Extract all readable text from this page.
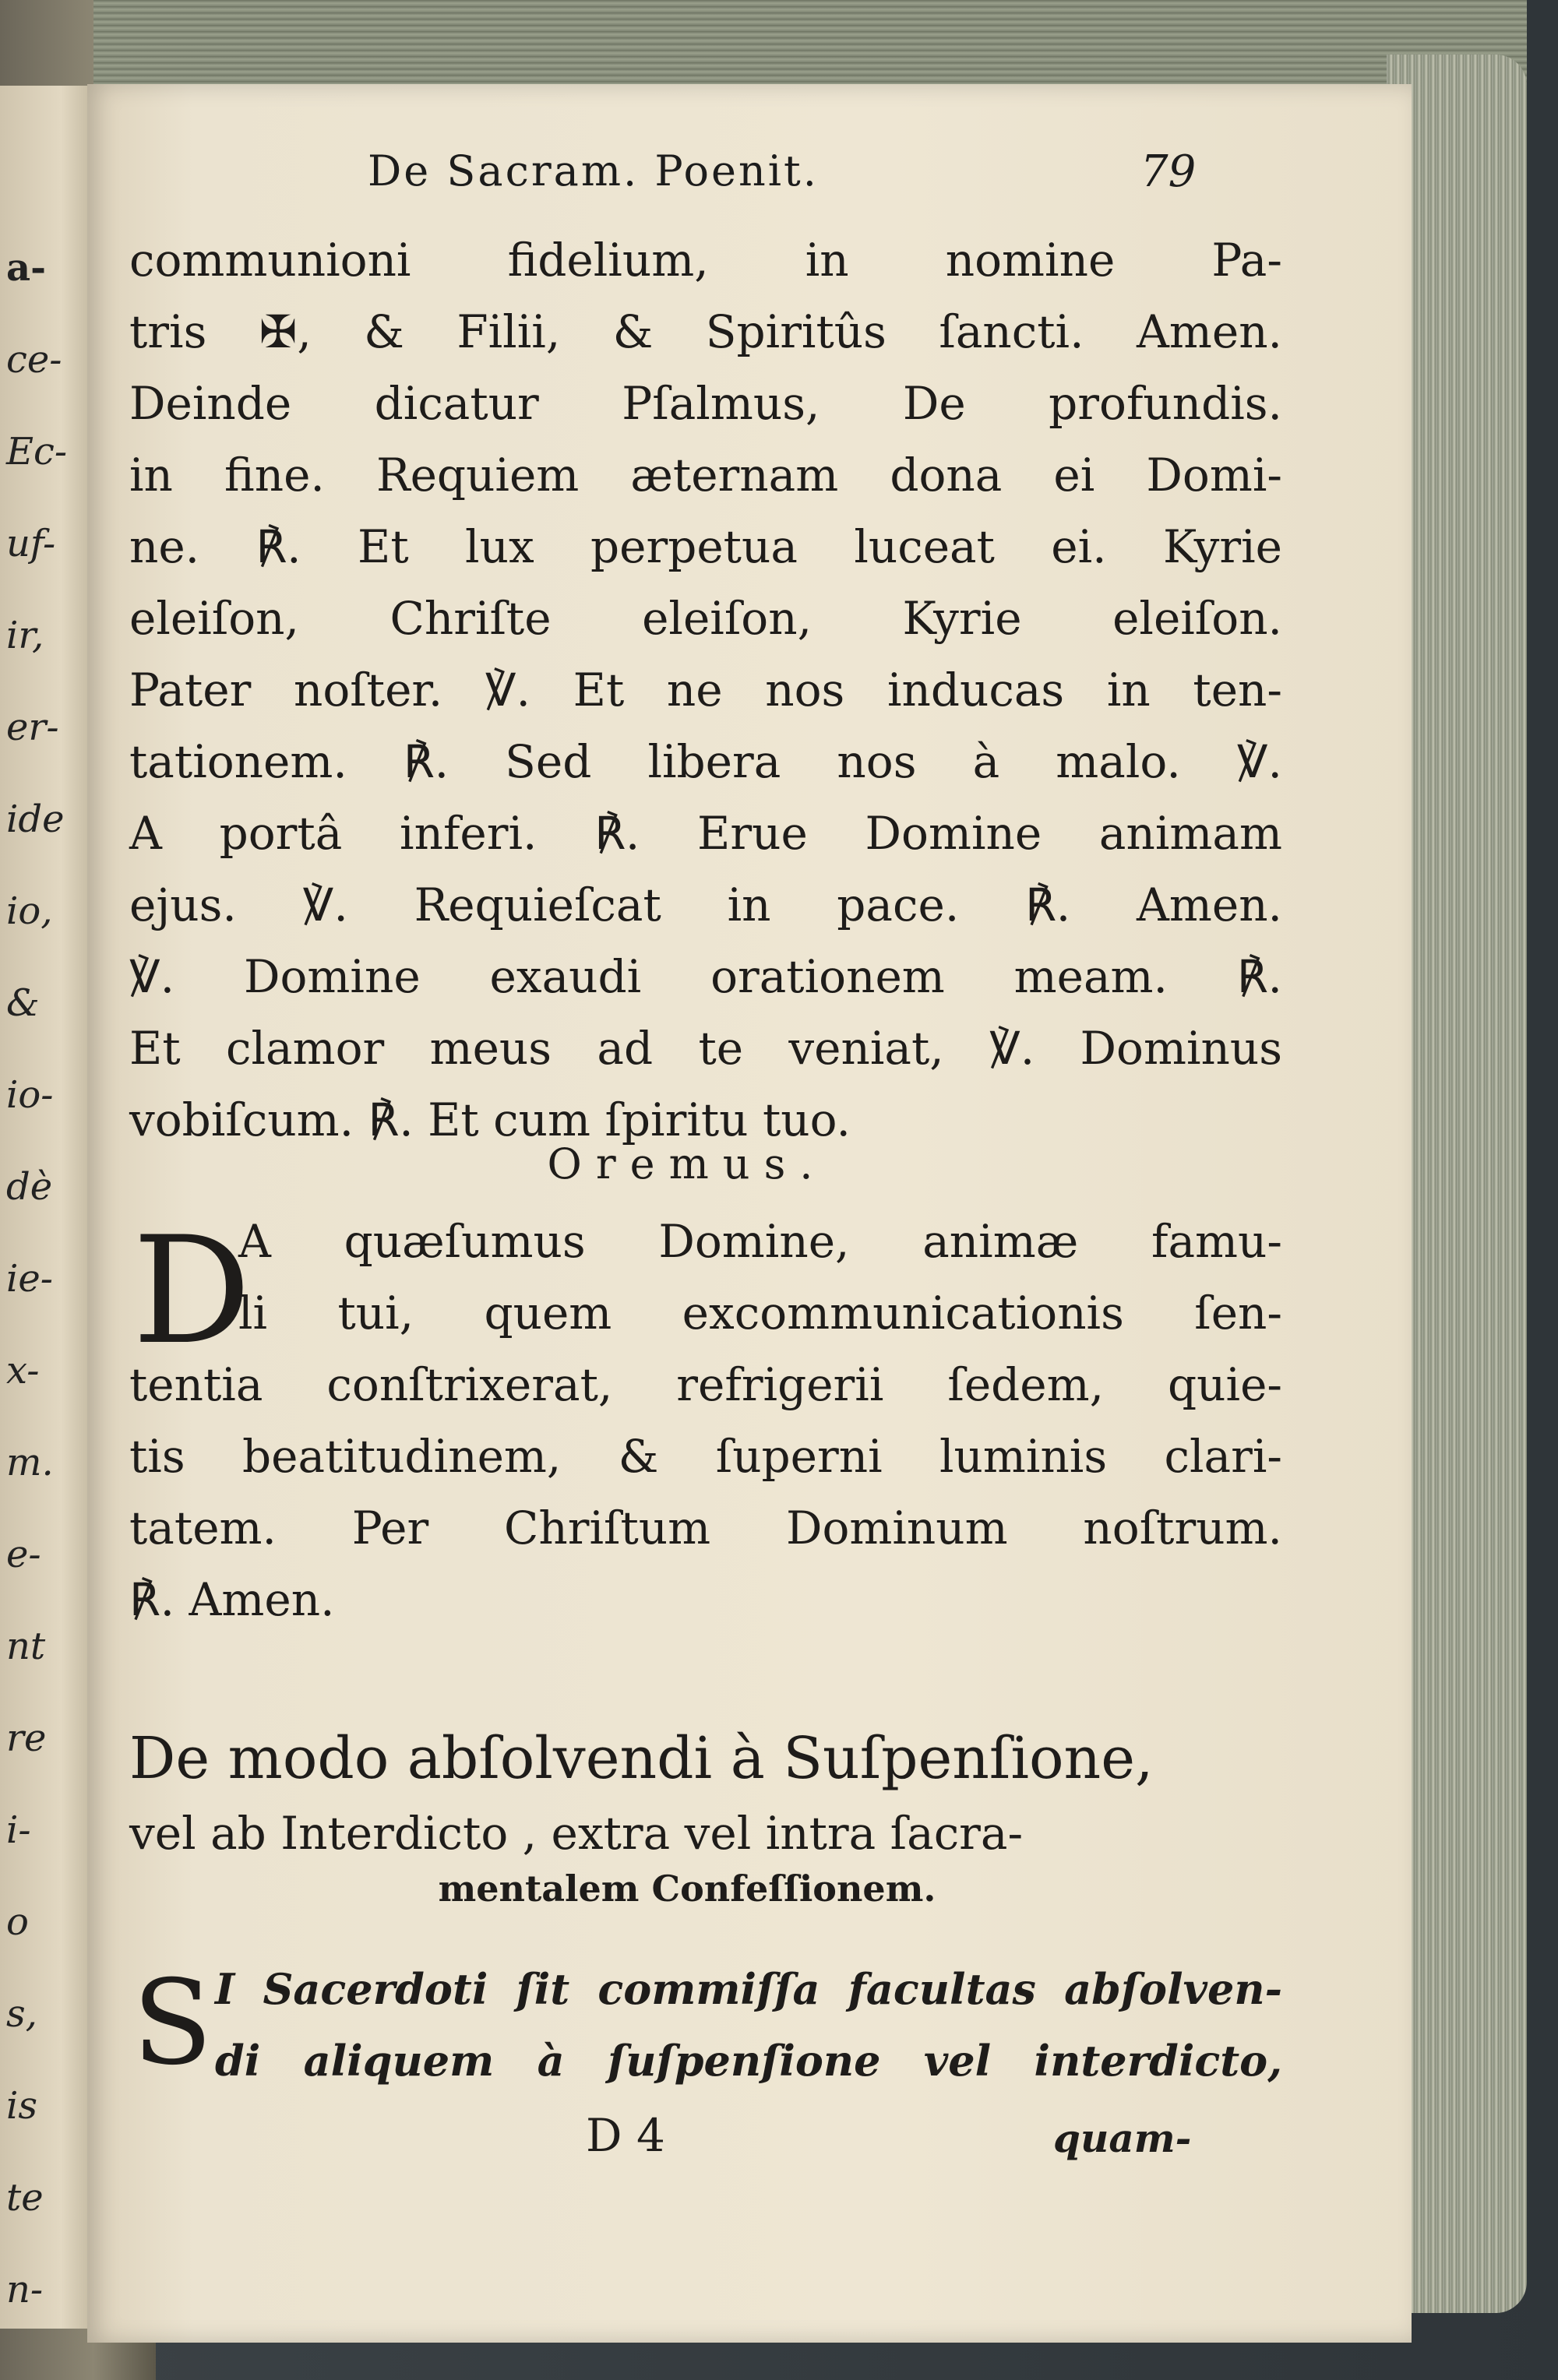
a-
ce-
Ec-
uf-
ir,
er-
ide
io,
&
io-
dè
ie-
x-
m.
e-
nt
re
i-
o
s,
is
te
n-
De Sacram. Poenit.	79
communioni fidelium, in nomine Pa-
tris ✠, & Filii, & Spiritûs ſancti. Amen.
Deinde dicatur Pſalmus, De profundis.
in fine. Requiem æternam dona ei Domi-
ne. ℟. Et lux perpetua luceat ei. Kyrie
eleiſon, Chriſte eleiſon, Kyrie eleiſon.
Pater noſter. ℣. Et ne nos inducas in ten-
tationem. ℟. Sed libera nos à malo. ℣.
A portâ inferi. ℟. Erue Domine animam
ejus. ℣. Requieſcat in pace. ℟. Amen.
℣. Domine exaudi orationem meam. ℟.
Et clamor meus ad te veniat, ℣. Dominus
vobiſcum. ℟. Et cum ſpiritu tuo.
Oremus.
D
A quæſumus Domine, animæ famu-
li tui, quem excommunicationis ſen-
tentia conſtrixerat, refrigerii ſedem, quie-
tis beatitudinem, & ſuperni luminis clari-
tatem. Per Chriſtum Dominum noſtrum.
℟. Amen.
De modo abſolvendi à Suſpenſione,
vel ab Interdicto , extra vel intra ſacra-
mentalem Confeſſionem.
S I Sacerdoti ſit commiſſa facultas abſolven-
di aliquem à ſuſpenſione vel interdicto,
D 4	quam-
